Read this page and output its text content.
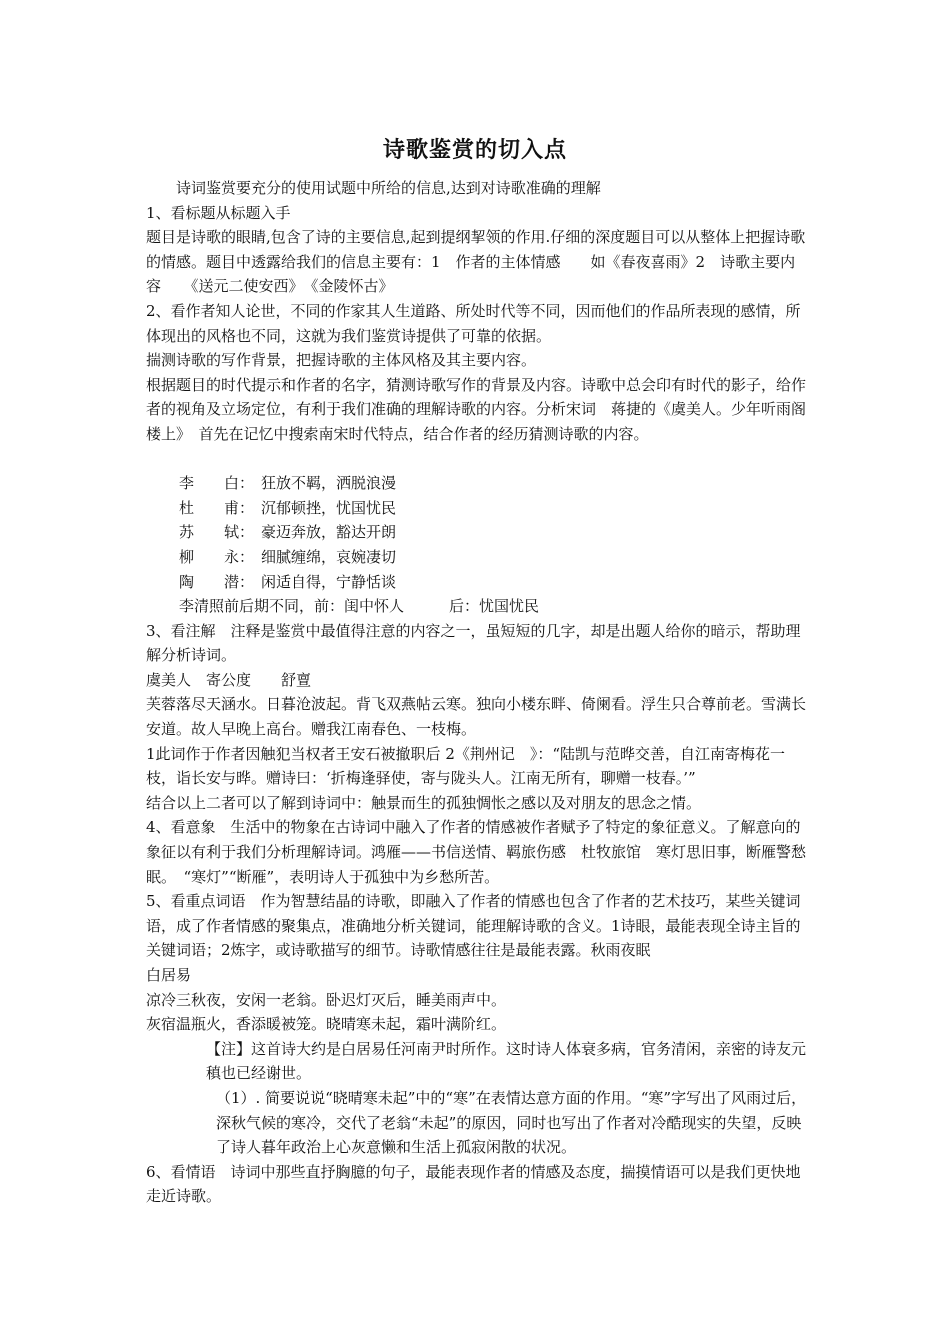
诗歌鉴赏的切入点

诗词鉴赏要充分的使用试题中所给的信息,达到对诗歌准确的理解

1、看标题从标题入手

题目是诗歌的眼睛,包含了诗的主要信息,起到提纲挈领的作用.仔细的深度题目可以从整体上把握诗歌的情感。题目中透露给我们的信息主要有：1　作者的主体情感　　如《春夜喜雨》2　诗歌主要内容　　《送元二使安西》　《金陵怀古》

2、看作者知人论世，不同的作家其人生道路、所处时代等不同，因而他们的作品所表现的感情，所体现出的风格也不同，这就为我们鉴赏诗提供了可靠的依据。

揣测诗歌的写作背景，把握诗歌的主体风格及其主要内容。

根据题目的时代提示和作者的名字，猜测诗歌写作的背景及内容。诗歌中总会印有时代的影子，给作者的视角及立场定位，有利于我们准确的理解诗歌的内容。分析宋词　蒋捷的《虞美人。少年听雨阁楼上》　首先在记忆中搜索南宋时代特点，结合作者的经历猜测诗歌的内容。

李　　白： 狂放不羁，洒脱浪漫

杜　　甫： 沉郁顿挫，忧国忧民

苏　　轼： 豪迈奔放，豁达开朗

柳　　永： 细腻缠绵，哀婉凄切

陶　　潜： 闲适自得，宁静恬谈

李清照前后期不同，前：闺中怀人　　　后：忧国忧民

3、看注解　注释是鉴赏中最值得注意的内容之一，虽短短的几字，却是出题人给你的暗示，帮助理解分析诗词。

虞美人　寄公度　　舒亶

芙蓉落尽天涵水。日暮沧波起。背飞双燕帖云寒。独向小楼东畔、倚阑看。浮生只合尊前老。雪满长安道。故人早晚上高台。赠我江南春色、一枝梅。

1此词作于作者因触犯当权者王安石被撤职后 2《荆州记　》：“陆凯与范晔交善，自江南寄梅花一枝，诣长安与晔。赠诗曰：‘折梅逢驿使，寄与陇头人。江南无所有，聊赠一枝春。’”

结合以上二者可以了解到诗词中：触景而生的孤独惆怅之感以及对朋友的思念之情。

4、看意象　生活中的物象在古诗词中融入了作者的情感被作者赋予了特定的象征意义。了解意向的象征以有利于我们分析理解诗词。鸿雁——书信送情、羁旅伤感　杜牧旅馆　寒灯思旧事，断雁警愁眠。　“寒灯”“断雁”，表明诗人于孤独中为乡愁所苦。

5、看重点词语　作为智慧结晶的诗歌，即融入了作者的情感也包含了作者的艺术技巧，某些关键词语，成了作者情感的聚集点，准确地分析关键词，能理解诗歌的含义。1诗眼，最能表现全诗主旨的关键词语；2炼字，或诗歌描写的细节。诗歌情感往往是最能表露。秋雨夜眠

白居易

凉冷三秋夜，安闲一老翁。卧迟灯灭后，睡美雨声中。

灰宿温瓶火，香添暖被笼。晓晴寒未起，霜叶满阶红。

【注】这首诗大约是白居易任河南尹时所作。这时诗人体衰多病，官务清闲，亲密的诗友元稹也已经谢世。

（1）. 简要说说“晓晴寒未起”中的“寒”在表情达意方面的作用。“寒”字写出了风雨过后，深秋气候的寒冷，交代了老翁“未起”的原因，同时也写出了作者对冷酷现实的失望，反映了诗人暮年政治上心灰意懒和生活上孤寂闲散的状况。

6、看情语　诗词中那些直抒胸臆的句子，最能表现作者的情感及态度，揣摸情语可以是我们更快地走近诗歌。
